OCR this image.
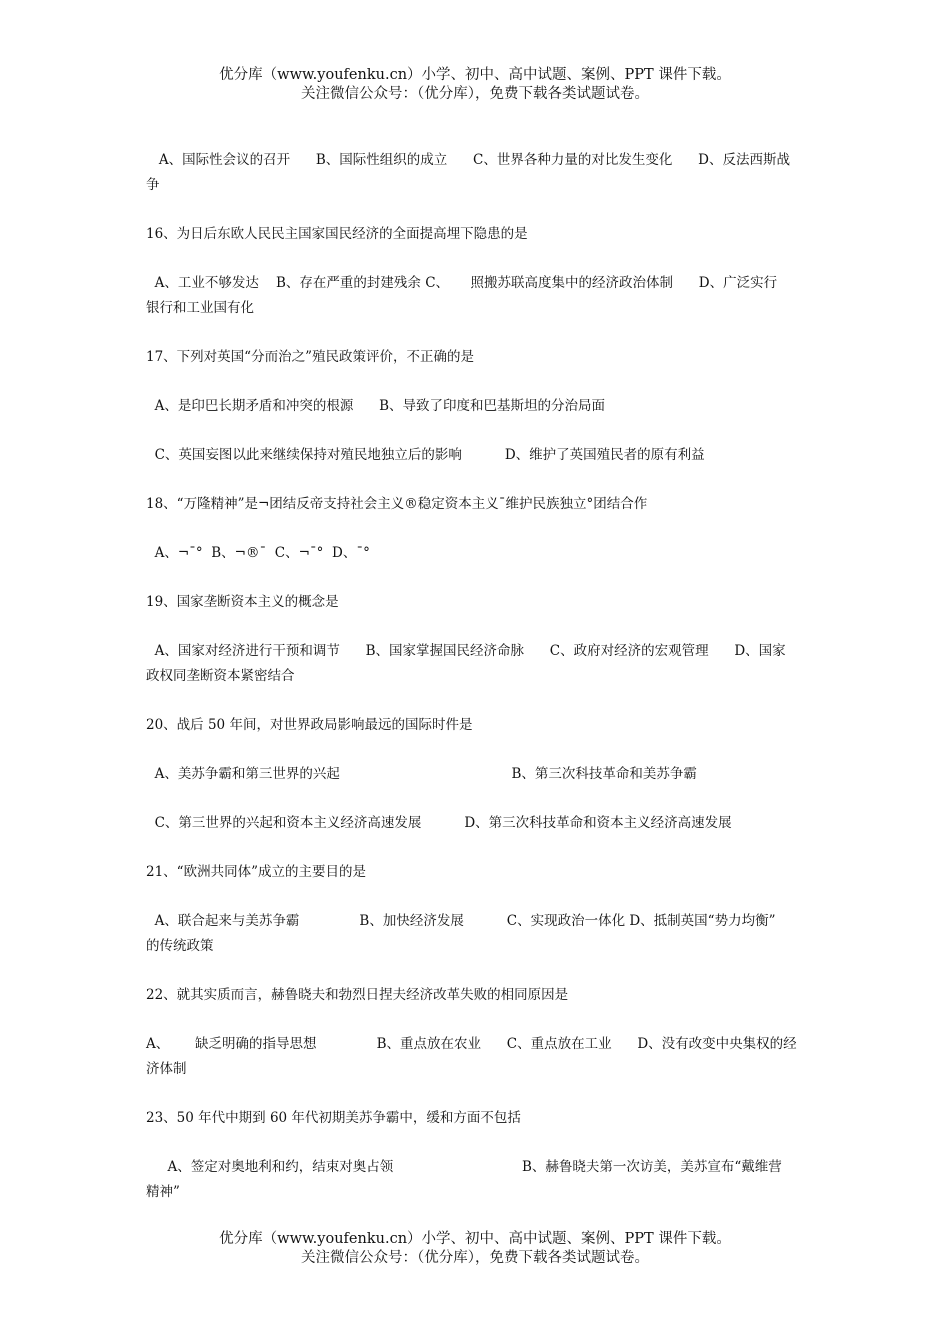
优分库（www.youfenku.cn）小学、初中、高中试题、案例、PPT 课件下载。
关注微信公众号：（优分库），免费下载各类试题试卷。
A、国际性会议的召开      B、国际性组织的成立      C、世界各种力量的对比发生变化      D、反法西斯战
争
16、为日后东欧人民民主国家国民经济的全面提高埋下隐患的是
A、工业不够发达    B、存在严重的封建残余 C、     照搬苏联高度集中的经济政治体制      D、广泛实行
银行和工业国有化
17、下列对英国“分而治之”殖民政策评价，不正确的是
A、是印巴长期矛盾和冲突的根源      B、导致了印度和巴基斯坦的分治局面
C、英国妄图以此来继续保持对殖民地独立后的影响          D、维护了英国殖民者的原有利益
18、“万隆精神”是¬团结反帝支持社会主义®稳定资本主义¯维护民族独立°团结合作
A、¬¯°  B、¬®¯  C、¬¯°  D、¯°
19、国家垄断资本主义的概念是
A、国家对经济进行干预和调节      B、国家掌握国民经济命脉      C、政府对经济的宏观管理      D、国家
政权同垄断资本紧密结合
20、战后 50 年间，对世界政局影响最远的国际时件是
A、美苏争霸和第三世界的兴起                                        B、第三次科技革命和美苏争霸
C、第三世界的兴起和资本主义经济高速发展          D、第三次科技革命和资本主义经济高速发展
21、“欧洲共同体”成立的主要目的是
A、联合起来与美苏争霸              B、加快经济发展          C、实现政治一体化 D、抵制英国“势力均衡”
的传统政策
22、就其实质而言，赫鲁晓夫和勃烈日捏夫经济改革失败的相同原因是
A、      缺乏明确的指导思想              B、重点放在农业      C、重点放在工业      D、没有改变中央集权的经
济体制
23、50 年代中期到 60 年代初期美苏争霸中，缓和方面不包括
A、签定对奥地利和约，结束对奥占领                              B、赫鲁晓夫第一次访美，美苏宣布“戴维营
精神”
优分库（www.youfenku.cn）小学、初中、高中试题、案例、PPT 课件下载。
关注微信公众号：（优分库），免费下载各类试题试卷。
